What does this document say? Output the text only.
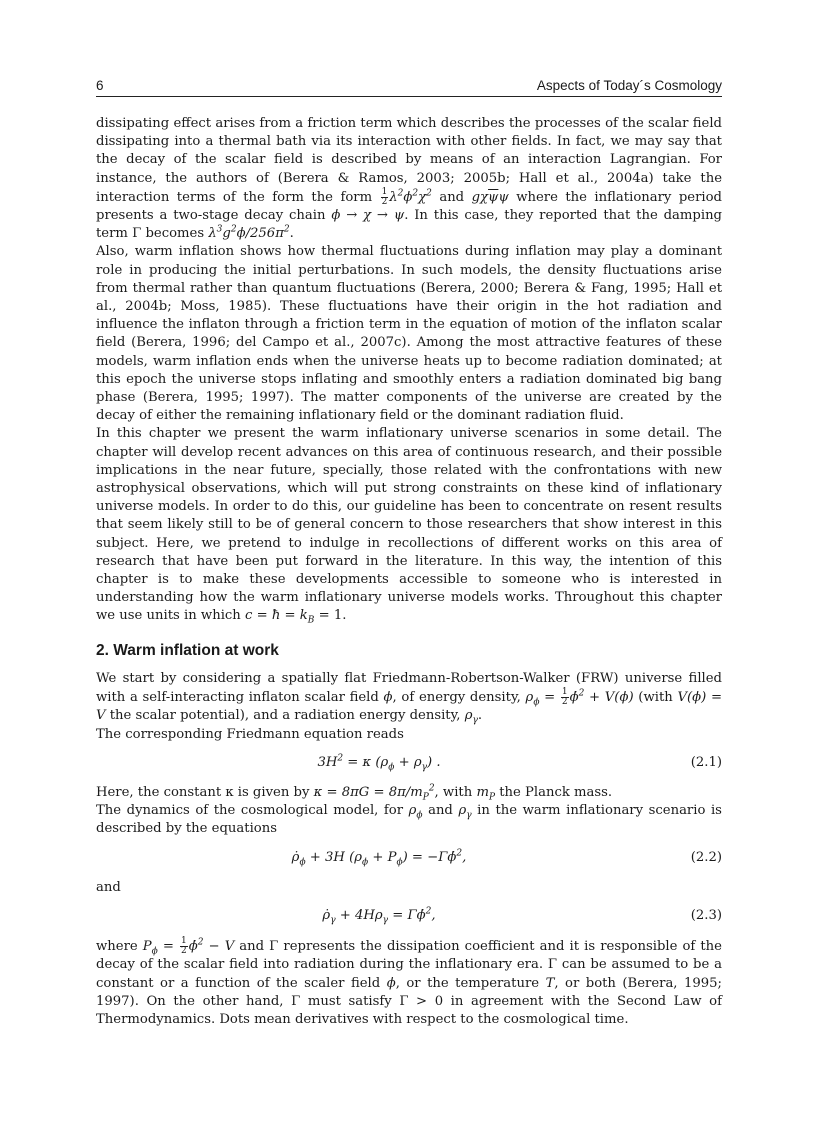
6	Aspects of Today´s Cosmology

dissipating effect arises from a friction term which describes the processes of the scalar field dissipating into a thermal bath via its interaction with other fields. In fact, we may say that the decay of the scalar field is described by means of an interaction Lagrangian. For instance, the authors of (Berera & Ramos, 2003; 2005b; Hall et al., 2004a) take the interaction terms of the form the form $\frac{1}{2} \lambda^2\phi^2\chi^2$ and $g\chi\overline{\psi}\psi$ where the inflationary period presents a two-stage decay chain ϕ → χ → ψ. In this case, they reported that the damping term Γ becomes $\lambda^3g^2\phi/256\pi^2$.

Also, warm inflation shows how thermal fluctuations during inflation may play a dominant role in producing the initial perturbations. In such models, the density fluctuations arise from thermal rather than quantum fluctuations (Berera, 2000; Berera & Fang, 1995; Hall et al., 2004b; Moss, 1985). These fluctuations have their origin in the hot radiation and influence the inflaton through a friction term in the equation of motion of the inflaton scalar field (Berera, 1996; del Campo et al., 2007c). Among the most attractive features of these models, warm inflation ends when the universe heats up to become radiation dominated; at this epoch the universe stops inflating and smoothly enters a radiation dominated big bang phase (Berera, 1995; 1997). The matter components of the universe are created by the decay of either the remaining inflationary field or the dominant radiation fluid.

In this chapter we present the warm inflationary universe scenarios in some detail. The chapter will develop recent advances on this area of continuous research, and their possible implications in the near future, specially, those related with the confrontations with new astrophysical observations, which will put strong constraints on these kind of inflationary universe models. In order to do this, our guideline has been to concentrate on resent results that seem likely still to be of general concern to those researchers that show interest in this subject. Here, we pretend to indulge in recollections of different works on this area of research that have been put forward in the literature. In this way, the intention of this chapter is to make these developments accessible to someone who is interested in understanding how the warm inflationary universe models works. Throughout this chapter we use units in which c = ħ = $k_B = 1$.

2. Warm inflation at work

We start by considering a spatially flat Friedmann-Robertson-Walker (FRW) universe filled with a self-interacting inflaton scalar field ϕ, of energy density, $\rho_\phi = \frac{1}{2}$ ϕ̇$^2$ + V(ϕ) (with V(ϕ) = V the scalar potential), and a radiation energy density, $\rho_\gamma$.

The corresponding Friedmann equation reads

$3H^2 = \kappa$ $(\rho_\phi + \rho_\gamma)$ .	(2.1)

Here, the constant κ is given by $\kappa = 8\pi G = 8\pi/m_P^2$, with $m_P$ the Planck mass.

The dynamics of the cosmological model, for $\rho_\phi$ and $\rho_\gamma$ in the warm inflationary scenario is described by the equations

$\rhȯ_\phi + 3H$ $(\rho_\phi + P_\phi)$ = −Γϕ̇$^2$,	(2.2)

and

$\rhȯ_\gamma + 4H\rho_\gamma$ = Γϕ̇$^2$,	(2.3)

where $P_\phi = \frac{1}{2}$ ϕ̇$^2$ − V and Γ represents the dissipation coefficient and it is responsible of the decay of the scalar field into radiation during the inflationary era. Γ can be assumed to be a constant or a function of the scaler field ϕ, or the temperature T, or both (Berera, 1995; 1997). On the other hand, Γ must satisfy Γ > 0 in agreement with the Second Law of Thermodynamics. Dots mean derivatives with respect to the cosmological time.
